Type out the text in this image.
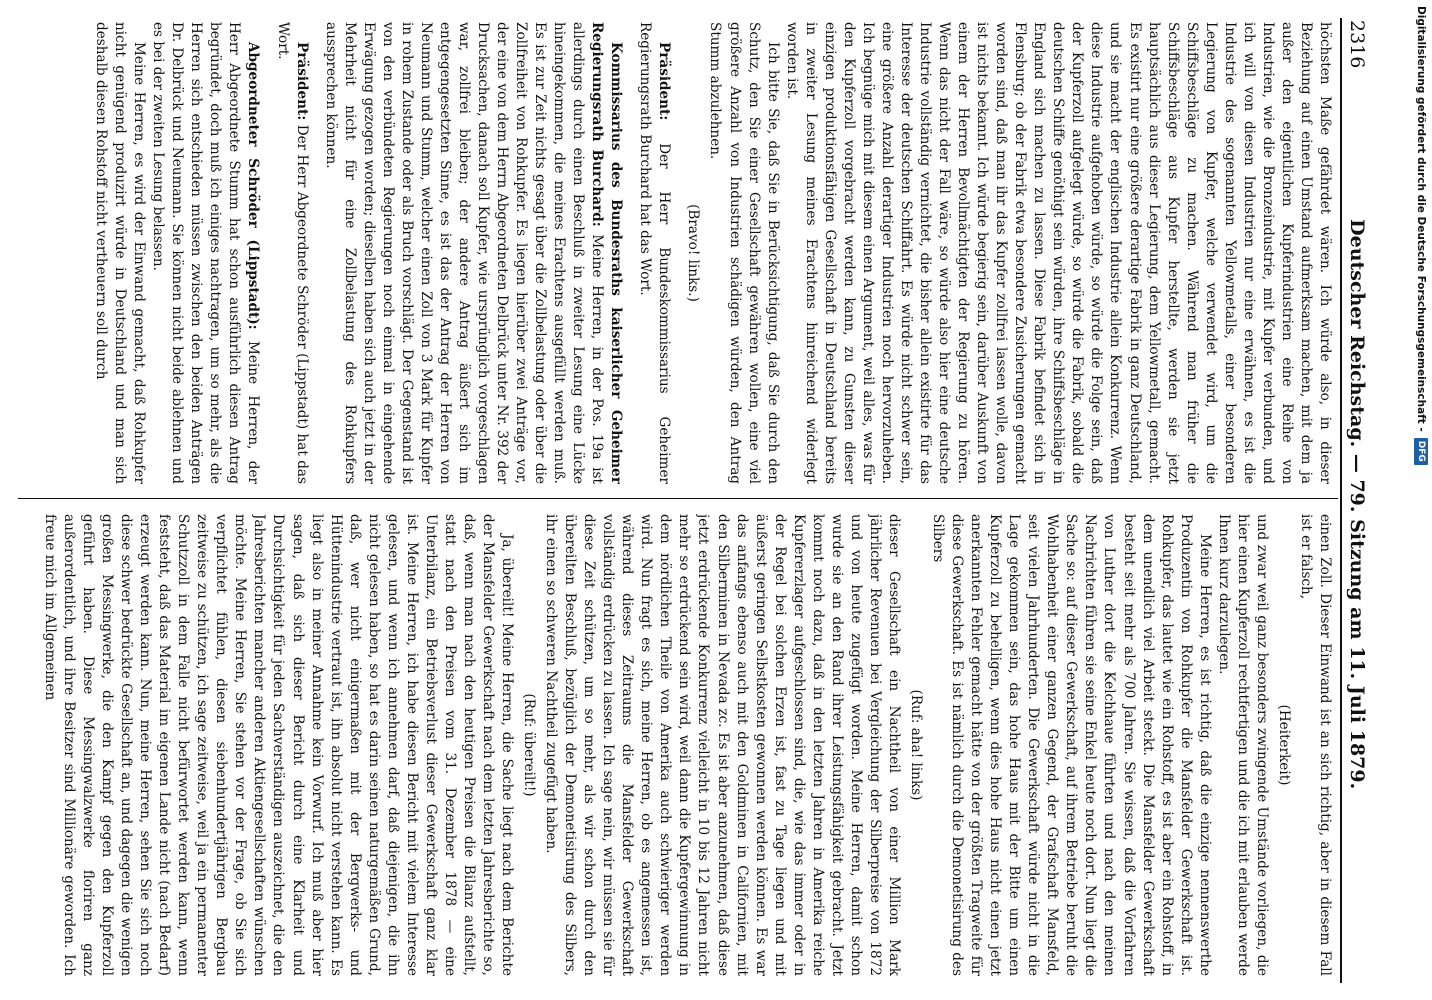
2316
Deutscher Reichstag. — 79. Sitzung am 11. Juli 1879.

höchsten Maße gefährdet wären. Ich würde also, in dieser Beziehung auf einen Umstand aufmerksam machen, mit dem ja außer den eigentlichen Kupferindustrien eine Reihe von Industrien, wie die Bronzeindustrie, mit Kupfer verbunden, und ich will von diesen Industrien nur eine erwähnen, es ist die Industrie des sogenannten Yellowmetalls, einer besonderen Legierung von Kupfer, welche verwendet wird, um die Schiffsbeschläge zu machen. Während man früher die Schiffsbeschläge aus Kupfer herstellte, werden sie jetzt hauptsächlich aus dieser Legierung, dem Yellowmetall, gemacht. Es existirt nur eine größere derartige Fabrik in ganz Deutschland, und sie macht der englischen Industrie allein Konkurrenz. Wenn diese Industrie aufgehoben würde, so würde die Folge sein, daß der Kupferzoll aufgelegt würde, so würde die Fabrik, sobald die deutschen Schiffe genöthigt sein würden, ihre Schiffsbeschläge in England sich machen zu lassen. Diese Fabrik befindet sich in Flensburg; ob der Fabrik etwa besondere Zusicherungen gemacht worden sind, daß man ihr das Kupfer zollfrei lassen wolle, davon ist nichts bekannt. Ich würde begierig sein, darüber Auskunft von einem der Herren Bevollmächtigten der Regierung zu hören. Wenn das nicht der Fall wäre, so würde also hier eine deutsche Industrie vollständig vernichtet, die bisher allein existirte für das Interesse der deutschen Schiffahrt. Es würde nicht schwer sein, eine größere Anzahl derartiger Industrien noch hervorzuheben. Ich begnüge mich mit diesem einen Argument, weil alles, was für den Kupferzoll vorgebracht werden kann, zu Gunsten dieser einzigen produktionsfähigen Gesellschaft in Deutschland bereits in zweiter Lesung meines Erachtens hinreichend widerlegt worden ist.

Ich bitte Sie, daß Sie in Berücksichtigung, daß Sie durch den Schutz, den Sie einer Gesellschaft gewähren wollen, eine viel größere Anzahl von Industrien schädigen würden, den Antrag Stumm abzulehnen.

(Bravo! links.)

Präsident: Der Herr Bundeskommissarius Geheimer Regierungsrath Burchard hat das Wort.

Kommissarius des Bundesraths kaiserlicher Geheimer Regierungsrath Burchard: Meine Herren, in der Pos. 19a ist allerdings durch einen Beschluß in zweiter Lesung eine Lücke hineingekommen, die meines Erachtens ausgefüllt werden muß. Es ist zur Zeit nichts gesagt über die Zollbelastung oder über die Zollfreiheit von Rohkupfer. Es liegen hierüber zwei Anträge vor, der eine von dem Herrn Abgeordneten Delbrück unter Nr. 392 der Drucksachen, danach soll Kupfer, wie ursprünglich vorgeschlagen war, zollfrei bleiben; der andere Antrag äußert sich im entgegengesetzten Sinne, es ist das der Antrag der Herren von Neumann und Stumm, welcher einen Zoll von 3 Mark für Kupfer in rohem Zustande oder als Bruch vorschlägt. Der Gegenstand ist von den verbündeten Regierungen noch einmal in eingehende Erwägung gezogen worden; dieselben haben sich auch jetzt in der Mehrheit nicht für eine Zollbelastung des Rohkupfers aussprechen können.

Präsident: Der Herr Abgeordnete Schröder (Lippstadt) hat das Wort.

Abgeordneter Schröder (Lippstadt): Meine Herren, der Herr Abgeordnete Stumm hat schon ausführlich diesen Antrag begründet, doch muß ich einiges nachtragen, um so mehr, als die Herren sich entschieden müssen zwischen den beiden Anträgen Dr. Delbrück und Neumann. Sie können nicht beide ablehnen und es bei der zweiten Lesung belassen.

Meine Herren, es wird der Einwand gemacht, daß Rohkupfer nicht genügend produzirt würde in Deutschland und man sich deshalb diesen Rohstoff nicht vertheuern soll durch

einen Zoll. Dieser Einwand ist an sich richtig, aber in diesem Fall ist er falsch,

(Heiterkeit)

und zwar weil ganz besonders zwingende Umstände vorliegen, die hier einen Kupferzoll rechtfertigen und die ich mit erlauben werde Ihnen kurz darzulegen.

Meine Herren, es ist richtig, daß die einzige nennenswerthe Produzentin von Rohkupfer die Mansfelder Gewerkschaft ist. Rohkupfer, das lautet wie ein Rohstoff, es ist aber ein Rohstoff, in dem unendlich viel Arbeit steckt. Die Mansfelder Gewerkschaft besteht seit mehr als 700 Jahren. Sie wissen, daß die Vorfahren von Luther dort die Kelchhaue führten und nach den meinen Nachrichten führen sie seine Enkel heute noch dort. Nun liegt die Sache so: auf dieser Gewerkschaft, auf ihrem Betriebe beruht die Wohlhabenheit einer ganzen Gegend, der Grafschaft Mansfeld, seit vielen Jahrhunderten. Die Gewerkschaft würde nicht in die Lage gekommen sein, das hohe Haus mit der Bitte um einen Kupferzoll zu behelligen, wenn dies hohe Haus nicht einen jetzt anerkannten Fehler gemacht hätte von der größten Tragweite für diese Gewerkschaft. Es ist nämlich durch die Demonetisirung des Silbers

(Ruf: aha! links)

dieser Gesellschaft ein Nachtheil von einer Million Mark jährlicher Revenuen bei Vergleichung der Silberpreise von 1872 und von heute zugefügt worden. Meine Herren, damit schon wurde sie an den Rand ihrer Leistungsfähigkeit gebracht. Jetzt kommt noch dazu, daß in den letzten Jahren in Amerika reiche Kupfererzlager aufgeschlossen sind, die, wie das immer oder in der Regel bei solchen Erzen ist, fast zu Tage liegen und mit äußerst geringen Selbstkosten gewonnen werden können. Es war das anfangs ebenso auch mit den Goldminen in Californien, mit den Silberminen in Nevada zc. Es ist aber anzunehmen, daß diese jetzt erdrückende Konkurrenz vielleicht in 10 bis 12 Jahren nicht mehr so erdrückend sein wird, weil dann die Kupfergewinnung in dem nördlichen Theile von Amerika auch schwieriger werden wird. Nun fragt es sich, meine Herren, ob es angemessen ist, während dieses Zeitraums die Mansfelder Gewerkschaft vollständig erdrücken zu lassen. Ich sage nein, wir müssen sie für diese Zeit schützen, um so mehr, als wir schon durch den übereilten Beschluß, bezüglich der Demonetisirung des Silbers, ihr einen so schweren Nachtheil zugefügt haben.

(Ruf: übereilt!)

Ja, übereilt! Meine Herren, die Sache liegt nach dem Berichte der Mansfelder Gewerkschaft nach dem letzten Jahresberichte so, daß, wenn man nach den heutigen Preisen die Bilanz aufstellt, statt nach den Preisen vom 31. Dezember 1878 — eine Unterbilanz, ein Betriebsverlust dieser Gewerkschaft ganz klar ist. Meine Herren, ich habe diesen Bericht mit vielem Interesse gelesen, und wenn ich annehmen darf, daß diejenigen, die ihn nicht gelesen haben, so hat es darin seinen naturgemäßen Grund, daß, wer nicht einigermaßen mit der Bergwerks- und Hüttenindustrie vertraut ist, ihn absolut nicht verstehen kann. Es liegt also in meiner Annahme kein Vorwurf. Ich muß aber hier sagen, daß sich dieser Bericht durch eine Klarheit und Durchsichtigkeit für jeden Sachverständigen auszeichnet, die den Jahresberichten mancher anderen Aktiengesellschaften wünschen möchte. Meine Herren, Sie stehen vor der Frage, ob Sie sich verpflichtet fühlen, diesen siebenhundertjährigen Bergbau zeitweise zu schützen, ich sage zeitweise, weil ja ein permanenter Schutzzoll in dem Falle nicht befürwortet werden kann, wenn feststeht, daß das Material im eigenen Lande nicht (nach Bedarf) erzeugt werden kann. Nun, meine Herren, sehen Sie sich noch diese schwer bedrückte Gesellschaft an, und dagegen die wenigen großen Messingwerke, die den Kampf gegen den Kupferzoll geführt haben. Diese Messingwalzwerke floriren ganz außerordentlich, und ihre Besitzer sind Millionäre geworden. Ich freue mich im Allgemeinen

Digitalisierung gefördert durch die Deutsche Forschungsgemeinschaft -
DFG
